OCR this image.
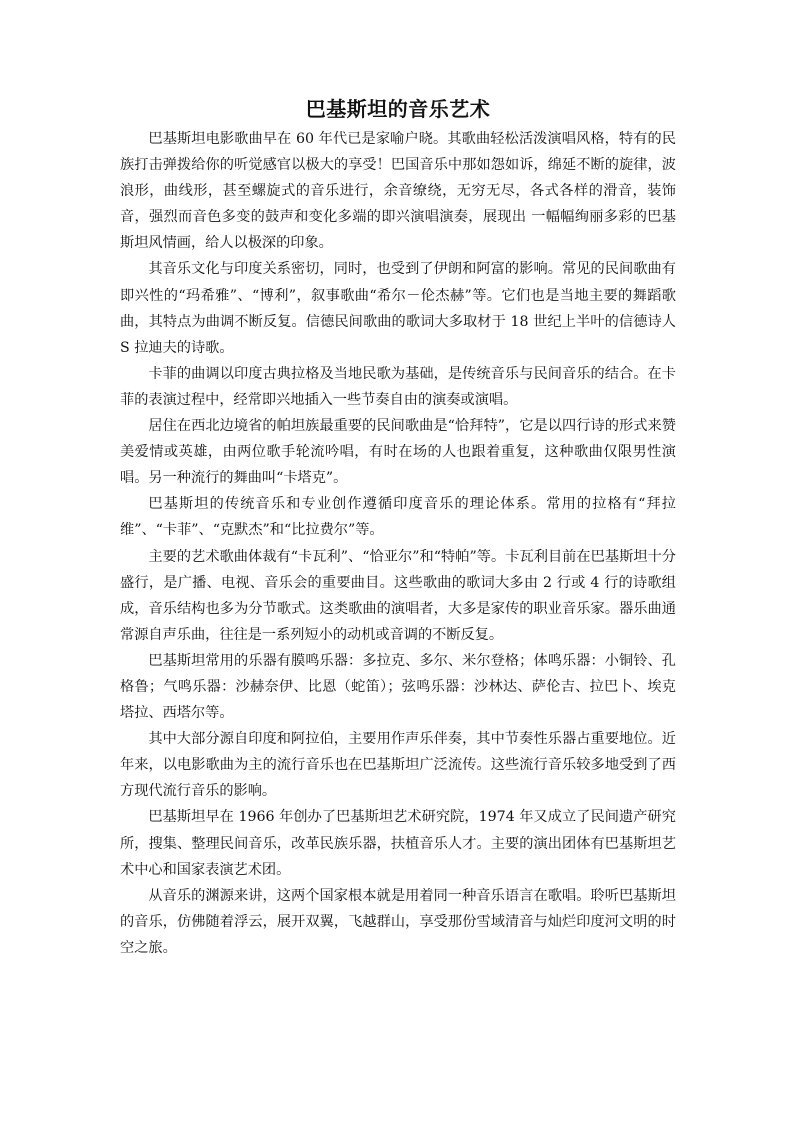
巴基斯坦的音乐艺术

巴基斯坦电影歌曲早在 60 年代已是家喻户晓。其歌曲轻松活泼演唱风格，特有的民族打击弹拨给你的听觉感官以极大的享受！巴国音乐中那如怨如诉，绵延不断的旋律，波浪形，曲线形，甚至螺旋式的音乐进行，余音缭绕，无穷无尽，各式各样的滑音，装饰音，强烈而音色多变的鼓声和变化多端的即兴演唱演奏，展现出 一幅幅绚丽多彩的巴基斯坦风情画，给人以极深的印象。

其音乐文化与印度关系密切，同时，也受到了伊朗和阿富的影响。常见的民间歌曲有即兴性的“玛希雅”、“博利”，叙事歌曲“希尔－伦杰赫”等。它们也是当地主要的舞蹈歌曲，其特点为曲调不断反复。信德民间歌曲的歌词大多取材于 18 世纪上半叶的信德诗人 S 拉迪夫的诗歌。

卡菲的曲调以印度古典拉格及当地民歌为基础，是传统音乐与民间音乐的结合。在卡菲的表演过程中，经常即兴地插入一些节奏自由的演奏或演唱。

居住在西北边境省的帕坦族最重要的民间歌曲是“恰拜特”，它是以四行诗的形式来赞美爱情或英雄，由两位歌手轮流吟唱，有时在场的人也跟着重复，这种歌曲仅限男性演唱。另一种流行的舞曲叫“卡塔克”。

巴基斯坦的传统音乐和专业创作遵循印度音乐的理论体系。常用的拉格有“拜拉维”、“卡菲”、“克默杰”和“比拉费尔”等。

主要的艺术歌曲体裁有“卡瓦利”、“恰亚尔”和“特帕”等。卡瓦利目前在巴基斯坦十分盛行，是广播、电视、音乐会的重要曲目。这些歌曲的歌词大多由 2 行或 4 行的诗歌组成，音乐结构也多为分节歌式。这类歌曲的演唱者，大多是家传的职业音乐家。器乐曲通常源自声乐曲，往往是一系列短小的动机或音调的不断反复。

巴基斯坦常用的乐器有膜鸣乐器：多拉克、多尔、米尔登格；体鸣乐器：小铜铃、孔格鲁；气鸣乐器：沙赫奈伊、比恩（蛇笛）；弦鸣乐器：沙林达、萨伦吉、拉巴卜、埃克塔拉、西塔尔等。

其中大部分源自印度和阿拉伯，主要用作声乐伴奏，其中节奏性乐器占重要地位。近年来，以电影歌曲为主的流行音乐也在巴基斯坦广泛流传。这些流行音乐较多地受到了西方现代流行音乐的影响。

巴基斯坦早在 1966 年创办了巴基斯坦艺术研究院，1974 年又成立了民间遗产研究所，搜集、整理民间音乐，改革民族乐器，扶植音乐人才。主要的演出团体有巴基斯坦艺术中心和国家表演艺术团。

从音乐的渊源来讲，这两个国家根本就是用着同一种音乐语言在歌唱。聆听巴基斯坦的音乐，仿佛随着浮云，展开双翼，飞越群山，享受那份雪域清音与灿烂印度河文明的时空之旅。
